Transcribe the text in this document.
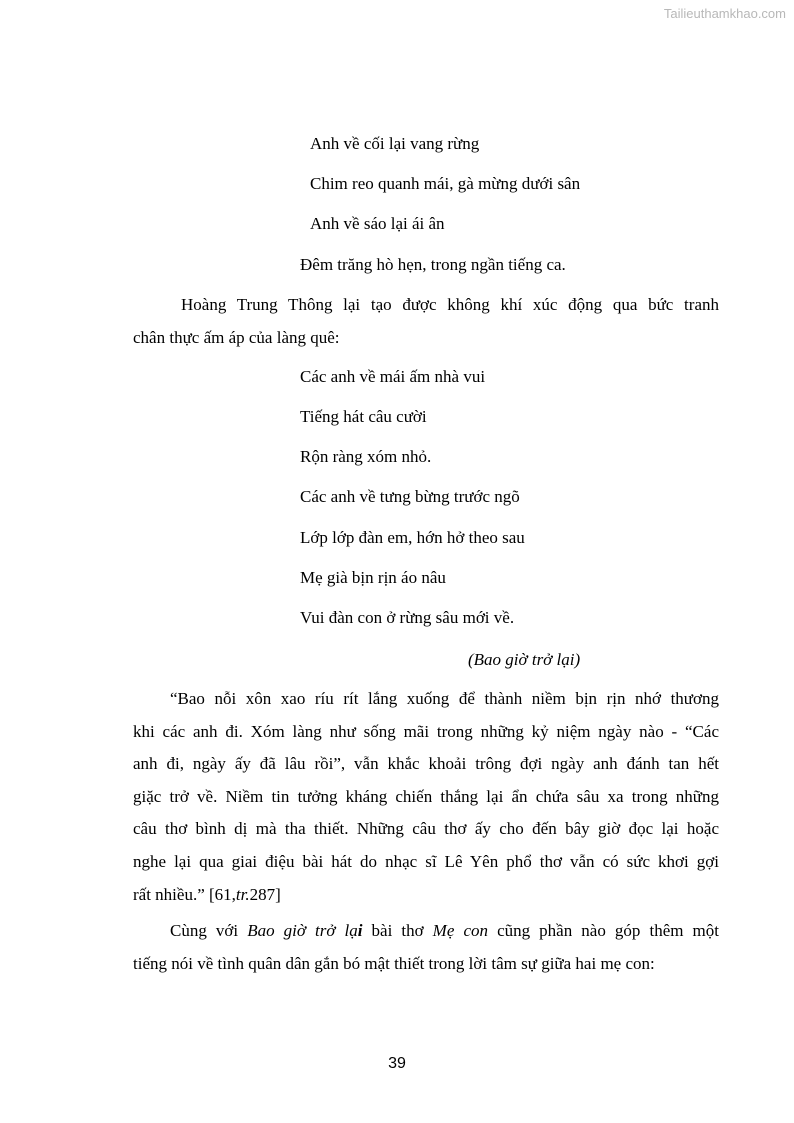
Tailieuthamkhao.com
Anh về cối lại vang rừng
Chim reo quanh mái, gà mừng dưới sân
Anh về sáo lại ái ân
Đêm trăng hò hẹn, trong ngần tiếng ca.
Hoàng Trung Thông lại tạo được không khí xúc động qua bức tranh
chân thực ấm áp của làng quê:
Các anh về mái ấm nhà vui
Tiếng hát câu cười
Rộn ràng xóm nhỏ.
Các anh về tưng bừng trước ngõ
Lớp lớp đàn em, hớn hở theo sau
Mẹ già bịn rịn áo nâu
Vui đàn con ở rừng sâu mới về.
(Bao giờ trở lại)
“Bao nỗi xôn xao ríu rít lắng xuống để thành niềm bịn rịn nhớ thương
khi các anh đi. Xóm làng như sống mãi trong những kỷ niệm ngày nào - “Các
anh đi, ngày ấy đã lâu rồi”, vẫn khắc khoải trông đợi ngày anh đánh tan hết
giặc trở về. Niềm tin tưởng kháng chiến thắng lại ẩn chứa sâu xa trong những
câu thơ bình dị mà tha thiết. Những câu thơ ấy cho đến bây giờ đọc lại hoặc
nghe lại qua giai điệu bài hát do nhạc sĩ Lê Yên phổ thơ vẫn có sức khơi gợi
rất nhiều.” [61,tr.287]
Cùng với Bao giờ trở lại bài thơ Mẹ con cũng phần nào góp thêm một
tiếng nói về tình quân dân gắn bó mật thiết trong lời tâm sự giữa hai mẹ con:
39
